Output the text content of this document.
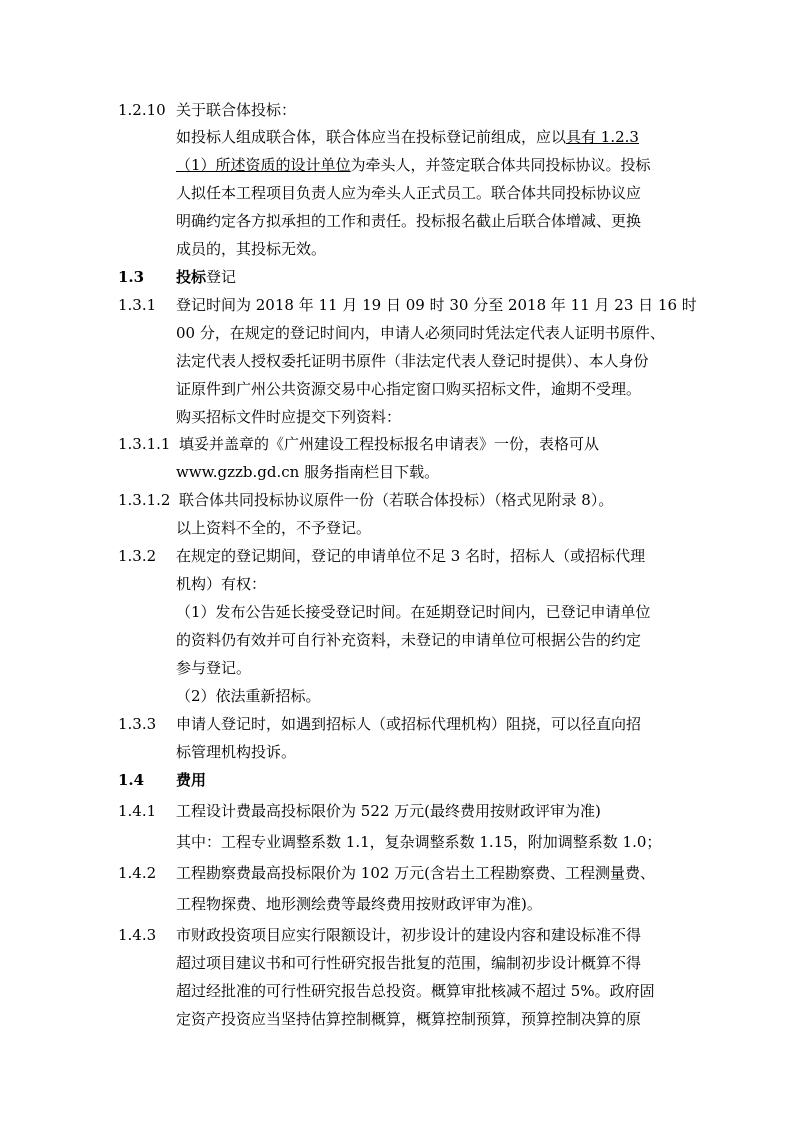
1.2.10 关于联合体投标：
如投标人组成联合体，联合体应当在投标登记前组成，应以具有 1.2.3
（1）所述资质的设计单位为牵头人，并签定联合体共同投标协议。投标
人拟任本工程项目负责人应为牵头人正式员工。联合体共同投标协议应
明确约定各方拟承担的工作和责任。投标报名截止后联合体增减、更换
成员的，其投标无效。
1.3 投标登记
1.3.1 登记时间为 2018 年 11 月 19 日 09 时 30 分至 2018 年 11 月 23 日 16 时
00 分，在规定的登记时间内，申请人必须同时凭法定代表人证明书原件、
法定代表人授权委托证明书原件（非法定代表人登记时提供）、本人身份
证原件到广州公共资源交易中心指定窗口购买招标文件，逾期不受理。
购买招标文件时应提交下列资料：
1.3.1.1 填妥并盖章的《广州建设工程投标报名申请表》一份，表格可从
www.gzzb.gd.cn 服务指南栏目下载。
1.3.1.2 联合体共同投标协议原件一份（若联合体投标）（格式见附录 8）。
以上资料不全的，不予登记。
1.3.2 在规定的登记期间，登记的申请单位不足 3 名时，招标人（或招标代理
机构）有权：
（1）发布公告延长接受登记时间。在延期登记时间内，已登记申请单位
的资料仍有效并可自行补充资料，未登记的申请单位可根据公告的约定
参与登记。
（2）依法重新招标。
1.3.3 申请人登记时，如遇到招标人（或招标代理机构）阻挠，可以径直向招
标管理机构投诉。
1.4 费用
1.4.1 工程设计费最高投标限价为 522 万元(最终费用按财政评审为准)
其中：工程专业调整系数 1.1，复杂调整系数 1.15，附加调整系数 1.0；
1.4.2 工程勘察费最高投标限价为 102 万元(含岩土工程勘察费、工程测量费、
工程物探费、地形测绘费等最终费用按财政评审为准)。
1.4.3 市财政投资项目应实行限额设计，初步设计的建设内容和建设标准不得
超过项目建议书和可行性研究报告批复的范围，编制初步设计概算不得
超过经批准的可行性研究报告总投资。概算审批核减不超过 5%。政府固
定资产投资应当坚持估算控制概算，概算控制预算，预算控制决算的原
